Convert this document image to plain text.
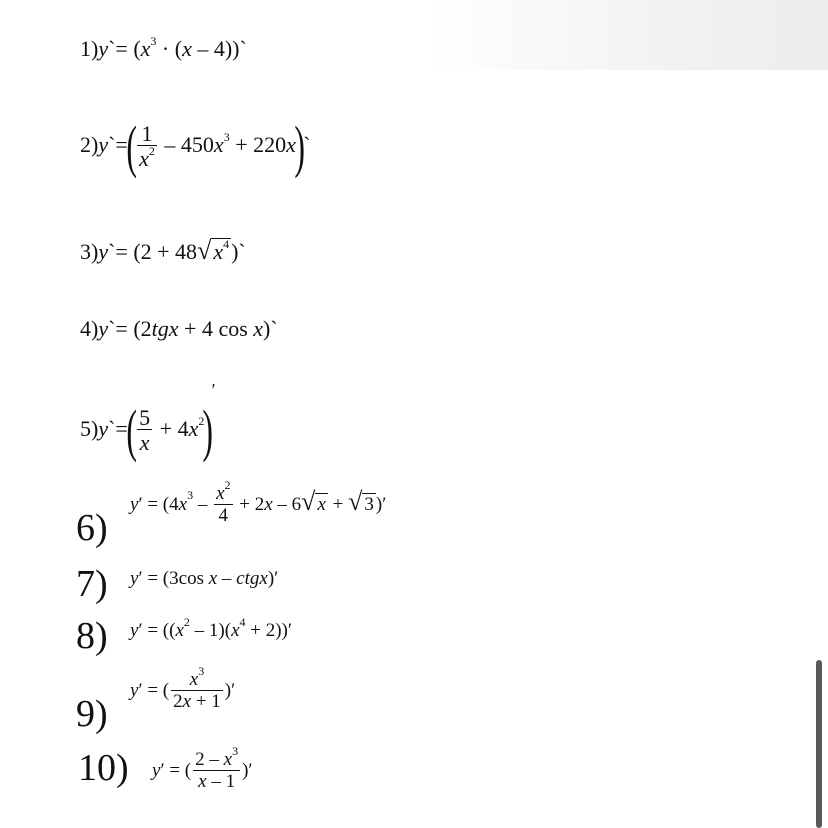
1)y`= ($x^3 \cdot (x$ – 4))`
2)y`=( $\frac{1}{x^2} - 450x^3$ + 220x)`
3)y`= $(2 + 48√x^4)`$
4)y`= (2tgx + 4 cos x)`
5)y`=( $\frac{5}{x} + 4x^2)'$
6)
$y' = (4x^3 - \frac{x^2}{4} + 2x - 6√$ x + √ 3 )′
7) y′ = (3cos x – ctgx)′
8) $y' = ((x^2 - 1)(x^4 + 2))'$
9)
y′ = ( $\frac{x^3}{2x + 1}$ )′
10) y′ = ( $\frac{2 - x^3}{x - 1}$ )′
